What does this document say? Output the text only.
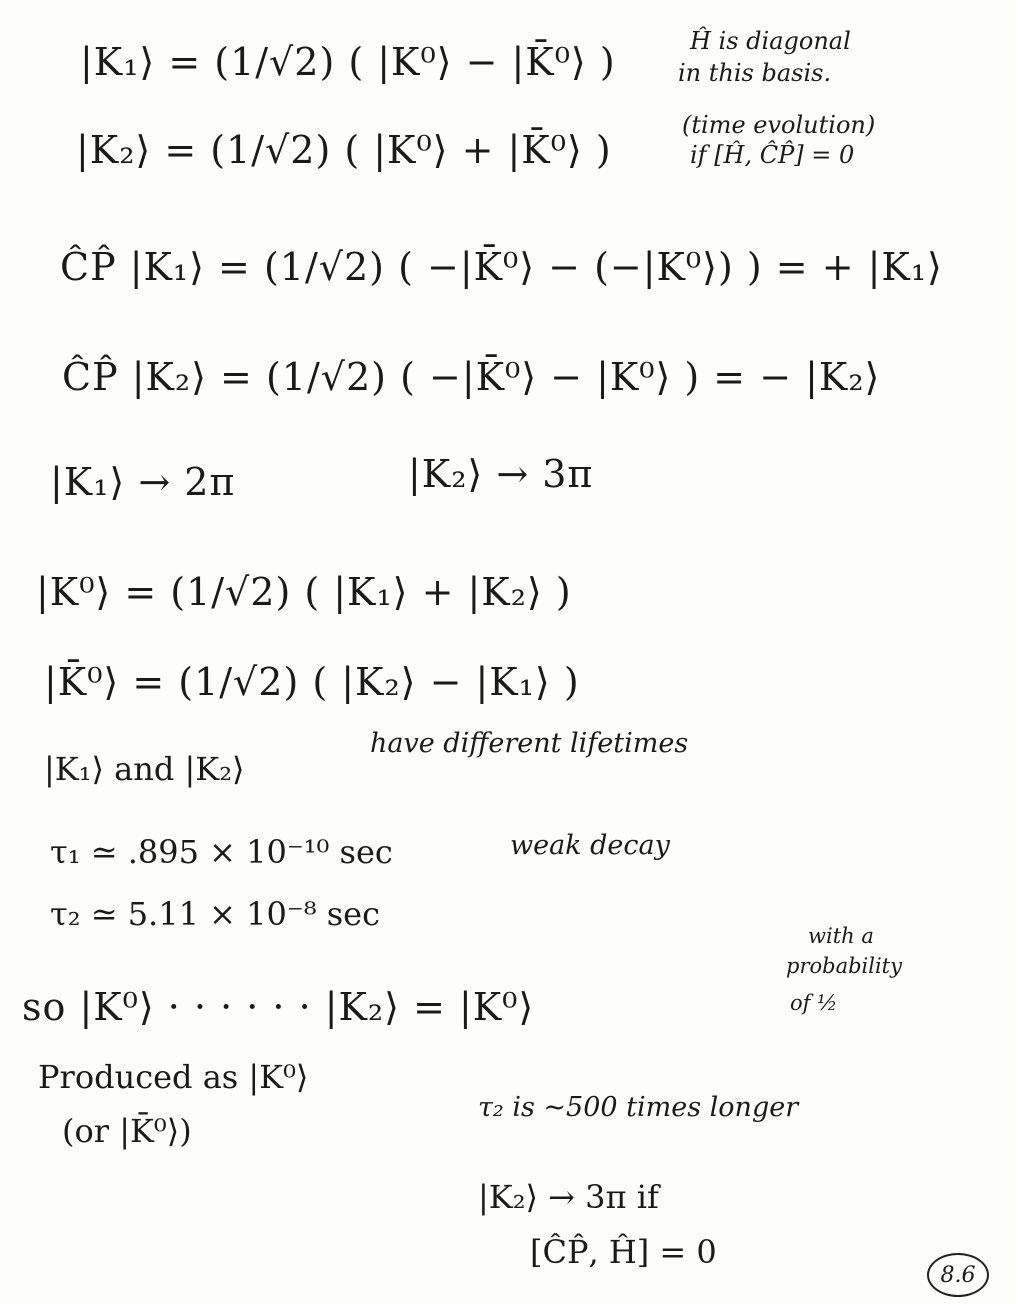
|K₁⟩ = (1/√2) ( |K⁰⟩ − |K̄⁰⟩ )
|K₂⟩ = (1/√2) ( |K⁰⟩ + |K̄⁰⟩ )
Ĥ is diagonal
in this basis.
(time evolution)
if [Ĥ, ĈP̂] = 0
ĈP̂ |K₁⟩ = (1/√2) ( −|K̄⁰⟩ − (−|K⁰⟩) ) = + |K₁⟩
ĈP̂ |K₂⟩ = (1/√2) ( −|K̄⁰⟩ − |K⁰⟩ ) = − |K₂⟩
|K₁⟩ → 2π	|K₂⟩ → 3π
|K⁰⟩ = (1/√2) ( |K₁⟩ + |K₂⟩ )
|K̄⁰⟩ = (1/√2) ( |K₂⟩ − |K₁⟩ )
|K₁⟩ and |K₂⟩
have different lifetimes
τ₁ ≃ .895 × 10⁻¹⁰ sec	weak decay
τ₂ ≃ 5.11 × 10⁻⁸ sec
so |K⁰⟩ · · · · · · |K₂⟩ = |K⁰⟩
with a
probability
of ½
Produced as |K⁰⟩
(or |K̄⁰⟩)
τ₂ is ~500 times longer
|K₂⟩ → 3π if
[ĈP̂, Ĥ] = 0
8.6
